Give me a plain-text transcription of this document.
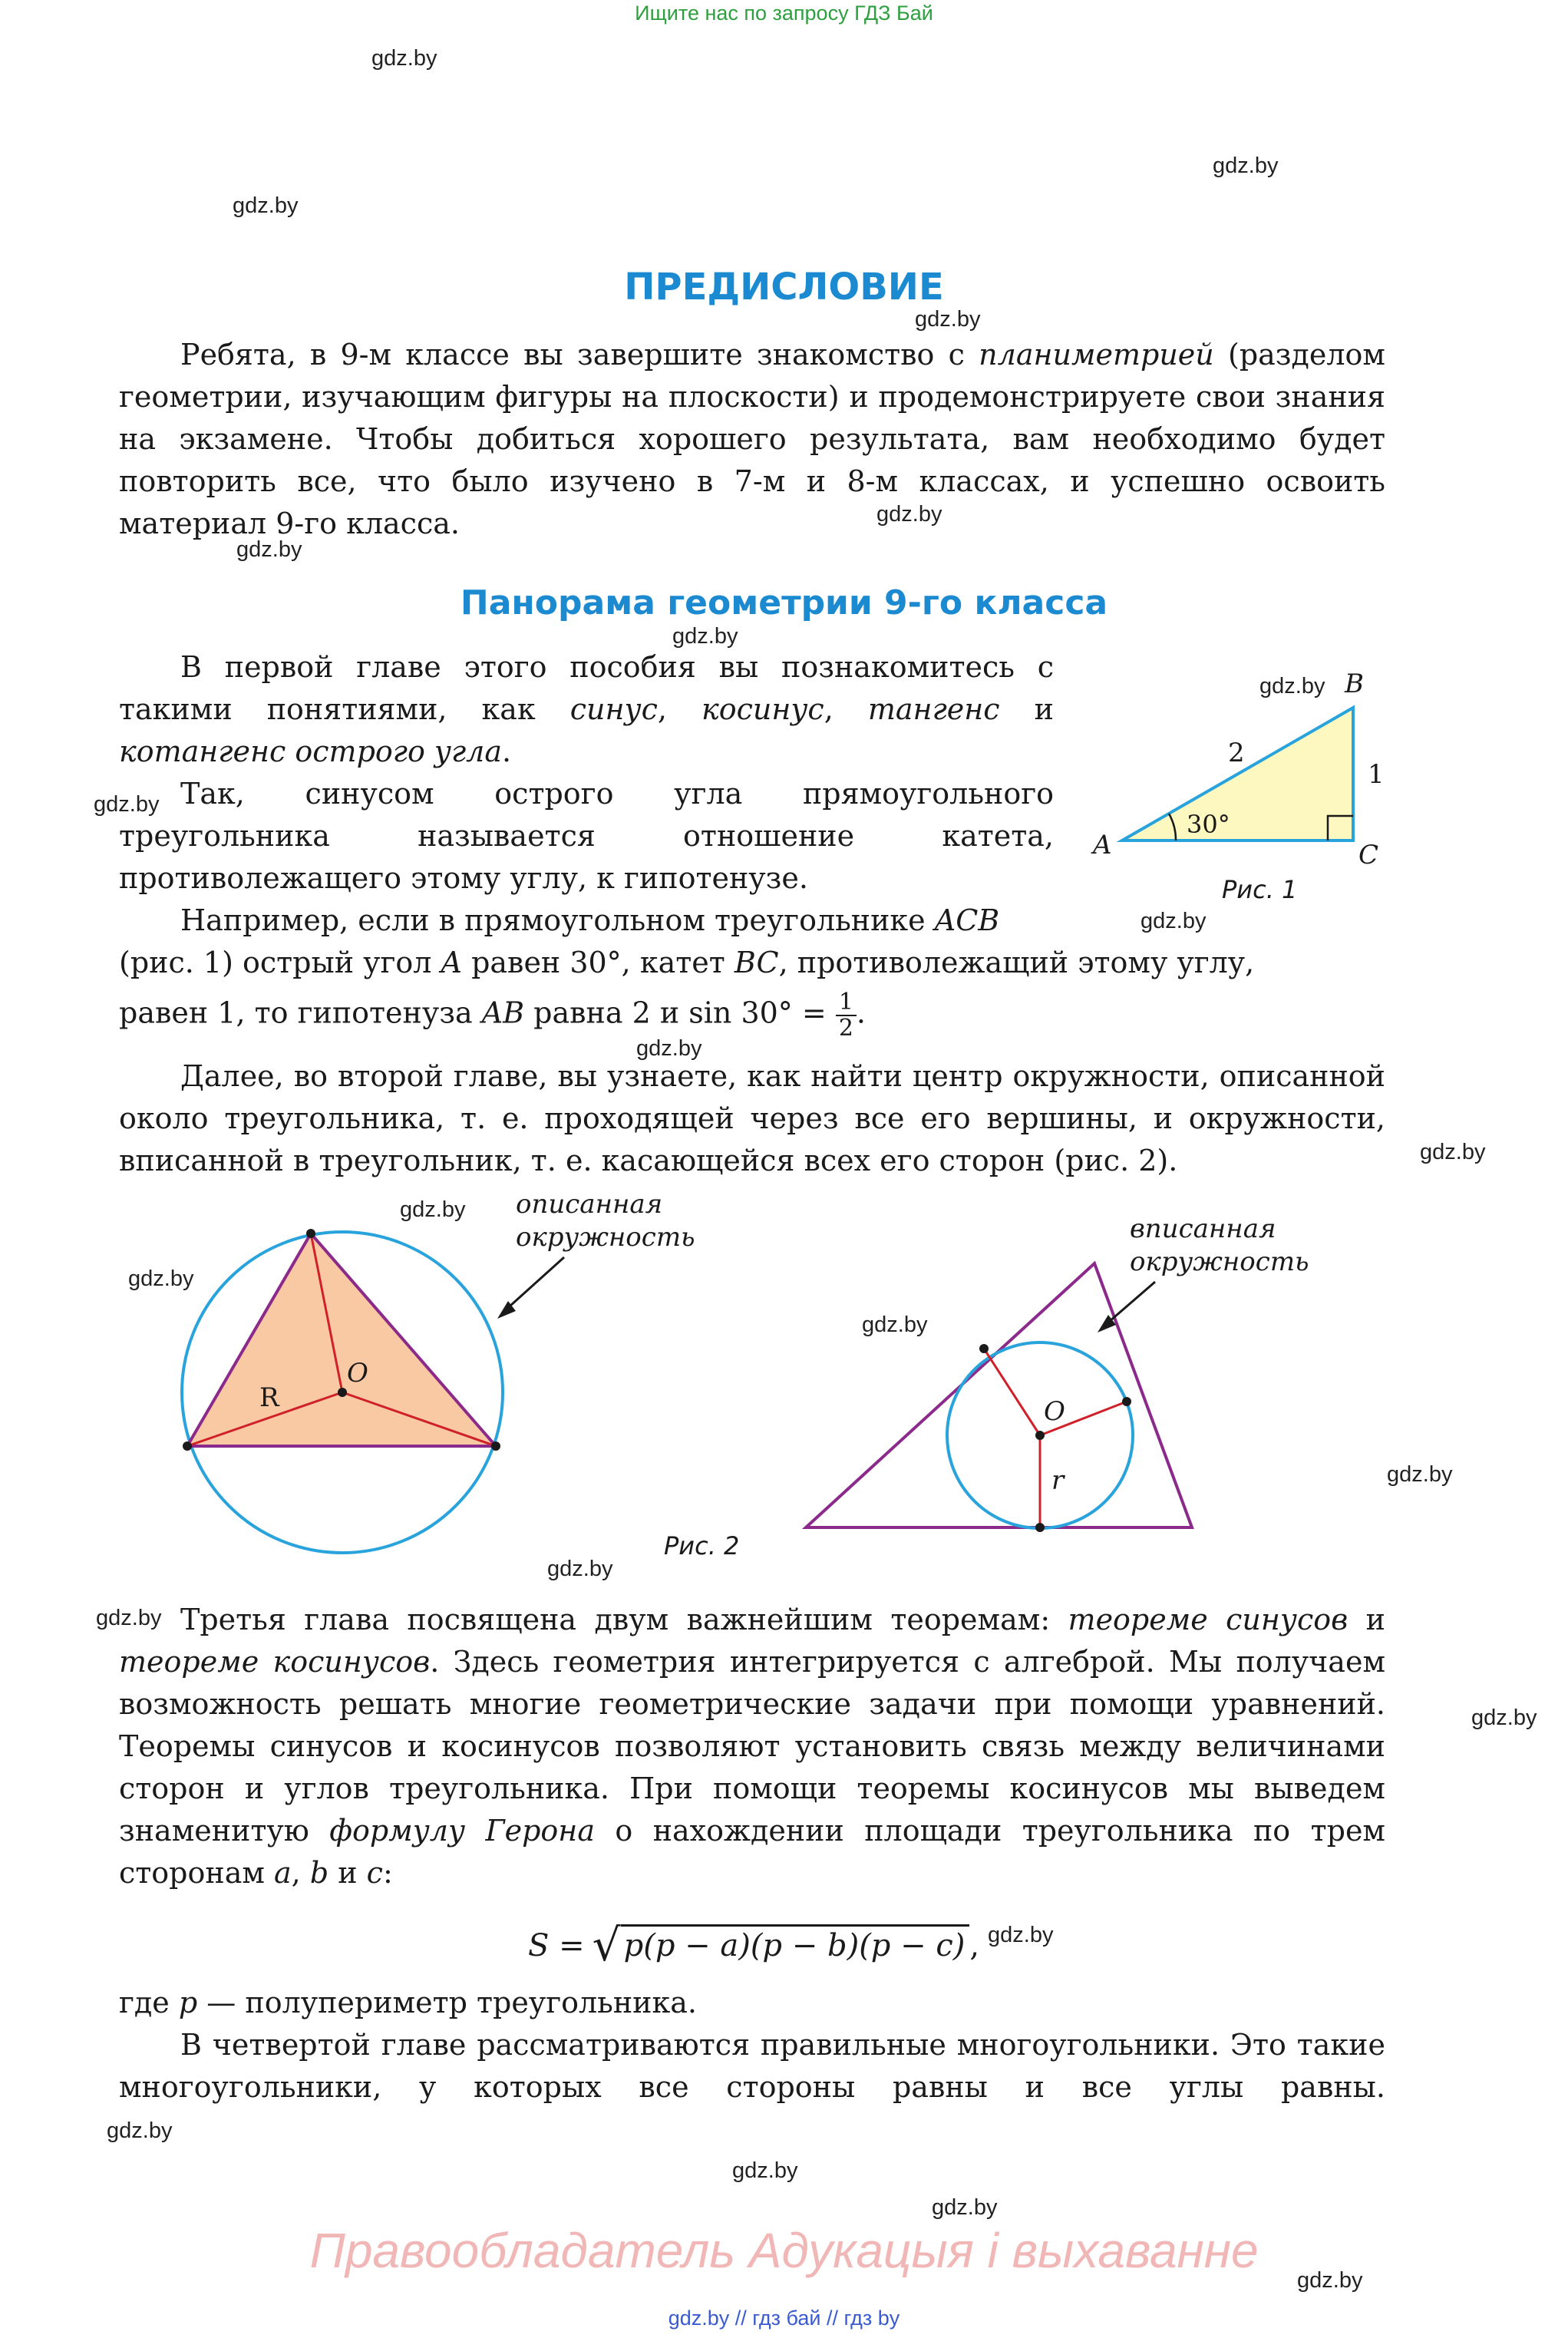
Ищите нас по запросу ГДЗ Бай
gdz.by
gdz.by
gdz.by
gdz.by
gdz.by
gdz.by
gdz.by
gdz.by
gdz.by
gdz.by
gdz.by
gdz.by
gdz.by
gdz.by
gdz.by
gdz.by
gdz.by
gdz.by
gdz.by
gdz.by
gdz.by
gdz.by
gdz.by
gdz.by
ПРЕДИСЛОВИЕ

Ребята, в 9-м классе вы завершите знакомство с планиметрией (разделом геометрии, изучающим фигуры на плоскости) и продемонстрируете свои знания на экзамене. Чтобы добиться хорошего результата, вам необходимо будет повторить все, что было изучено в 7-м и 8-м классах, и успешно освоить материал 9-го класса.

Панорама геометрии 9-го класса

В первой главе этого пособия вы познакомитесь с такими понятиями, как синус, косинус, тангенс и котангенс острого угла.

Так, синусом острого угла прямоугольного треугольника называется отношение катета, противолежащего этому углу, к гипотенузе.

Например, если в прямоугольном треугольнике ACB
(рис. 1) острый угол A равен 30°, катет BC, противолежащий этому углу,
равен 1, то гипотенуза AB равна 2 и $\sin 30^\circ = \frac{1}{2}$ .
B
A	C
2
1
30°
Рис. 1

Далее, во второй главе, вы узнаете, как найти центр окружности, описанной около треугольника, т. е. проходящей через все его вершины, и окружности, вписанной в треугольник, т. е. касающейся всех его сторон (рис. 2).

O
R
описанная
окружность
O
r
вписанная
окружность
Рис. 2

Третья глава посвящена двум важнейшим теоремам: теореме синусов и теореме косинусов. Здесь геометрия интегрируется с алгеброй. Мы получаем возможность решать многие геометрические задачи при помощи уравнений. Теоремы синусов и косинусов позволяют установить связь между величинами сторон и углов треугольника. При помощи теоремы косинусов мы выведем знаменитую формулу Герона о нахождении площади треугольника по трем сторонам a, b и c:

S = √ p(p − a)(p − b)(p − c) ,
где p — полупериметр треугольника.

В четвертой главе рассматриваются правильные многоугольники. Это такие многоугольники, у которых все стороны равны и все углы равны.

Правообладатель Адукацыя і выхаванне
gdz.by // гдз бай // гдз by
